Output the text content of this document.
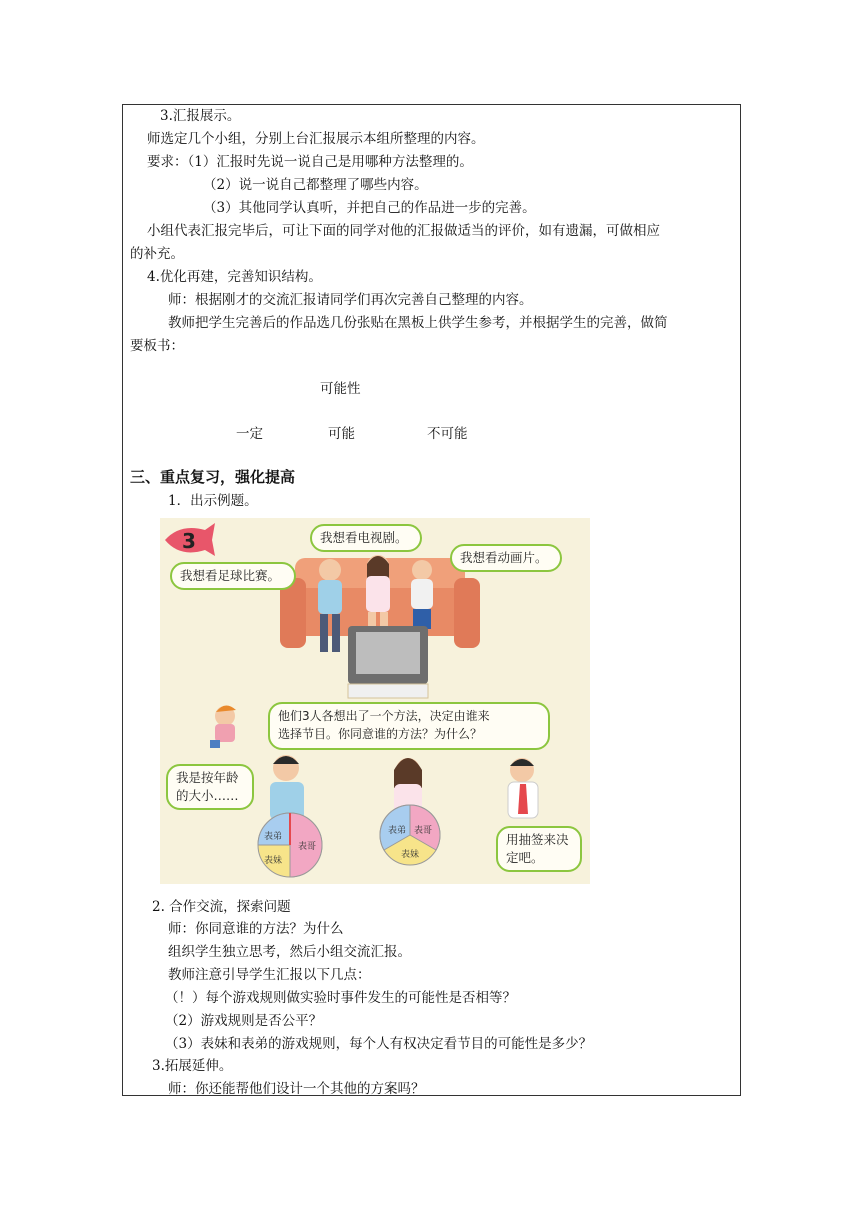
3.汇报展示。
师选定几个小组，分别上台汇报展示本组所整理的内容。
要求：（1）汇报时先说一说自己是用哪种方法整理的。
（2）说一说自己都整理了哪些内容。
（3）其他同学认真听，并把自己的作品进一步的完善。
小组代表汇报完毕后，可让下面的同学对他的汇报做适当的评价，如有遗漏，可做相应
的补充。
4.优化再建，完善知识结构。
师：根据刚才的交流汇报请同学们再次完善自己整理的内容。
教师把学生完善后的作品选几份张贴在黑板上供学生参考，并根据学生的完善，做简
要板书：
可能性
一定	可能	不可能
三、重点复习，强化提高
1．出示例题。
表弟
表哥
表妹
表弟 表哥
表妹
3	我想看电视剧。
我想看动画片。
我想看足球比赛。
他们3人各想出了一个方法，决定由谁来
选择节目。你同意谁的方法？为什么？
我是按年龄
的大小……
用抽签来决
定吧。
2. 合作交流，探索问题
师：你同意谁的方法？为什么
组织学生独立思考，然后小组交流汇报。
教师注意引导学生汇报以下几点：
（！）每个游戏规则做实验时事件发生的可能性是否相等？
（2）游戏规则是否公平？
（3）表妹和表弟的游戏规则，每个人有权决定看节目的可能性是多少？
3.拓展延伸。
师：你还能帮他们设计一个其他的方案吗？
